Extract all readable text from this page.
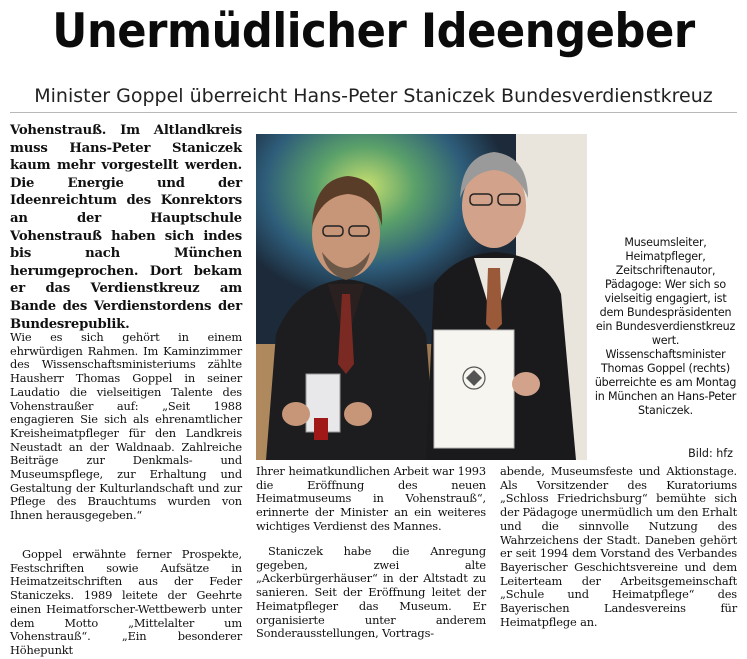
Unermüdlicher Ideengeber
Minister Goppel überreicht Hans-Peter Staniczek Bundesverdienstkreuz
Vohenstrauß. Im Altlandkreis muss Hans-Peter Staniczek kaum mehr vorgestellt werden. Die Energie und der Ideenreichtum des Konrektors an der Hauptschule Vohenstrauß haben sich indes bis nach München herumgeprochen. Dort bekam er das Verdienstkreuz am Bande des Verdienstordens der Bundesrepublik.
Wie es sich gehört in einem ehrwürdigen Rahmen. Im Kaminzimmer des Wissenschaftsministeriums zählte Hausherr Thomas Goppel in seiner Laudatio die vielseitigen Talente des Vohenstraußer auf: „Seit 1988 engagieren Sie sich als ehrenamtlicher Kreisheimatpfleger für den Landkreis Neustadt an der Waldnaab. Zahlreiche Beiträge zur Denkmals- und Museumspflege, zur Erhaltung und Gestaltung der Kulturlandschaft und zur Pflege des Brauchtums wurden von Ihnen herausgegeben.“
Goppel erwähnte ferner Prospekte, Festschriften sowie Aufsätze in Heimatzeitschriften aus der Feder Staniczeks. 1989 leitete der Geehrte einen Heimatforscher-Wettbewerb unter dem Motto „Mittelalter um Vohenstrauß“. „Ein besonderer Höhepunkt
Museumsleiter, Heimatpfleger, Zeitschriftenautor, Pädagoge: Wer sich so vielseitig engagiert, ist dem Bundespräsidenten ein Bundesverdienstkreuz wert. Wissenschaftsminister Thomas Goppel (rechts) überreichte es am Montag in München an Hans-Peter Staniczek.
Bild: hfz
Ihrer heimatkundlichen Arbeit war 1993 die Eröffnung des neuen Heimatmuseums in Vohenstrauß“, erinnerte der Minister an ein weiteres wichtiges Verdienst des Mannes.
Staniczek habe die Anregung gegeben, zwei alte „Ackerbürgerhäuser“ in der Altstadt zu sanieren. Seit der Eröffnung leitet der Heimatpfleger das Museum. Er organisierte unter anderem Sonderausstellungen, Vortrags-
abende, Museumsfeste und Aktionstage. Als Vorsitzender des Kuratoriums „Schloss Friedrichsburg“ bemühte sich der Pädagoge unermüdlich um den Erhalt und die sinnvolle Nutzung des Wahrzeichens der Stadt. Daneben gehört er seit 1994 dem Vorstand des Verbandes Bayerischer Geschichtsvereine und dem Leiterteam der Arbeitsgemeinschaft „Schule und Heimatpflege“ des Bayerischen Landesvereins für Heimatpflege an.
